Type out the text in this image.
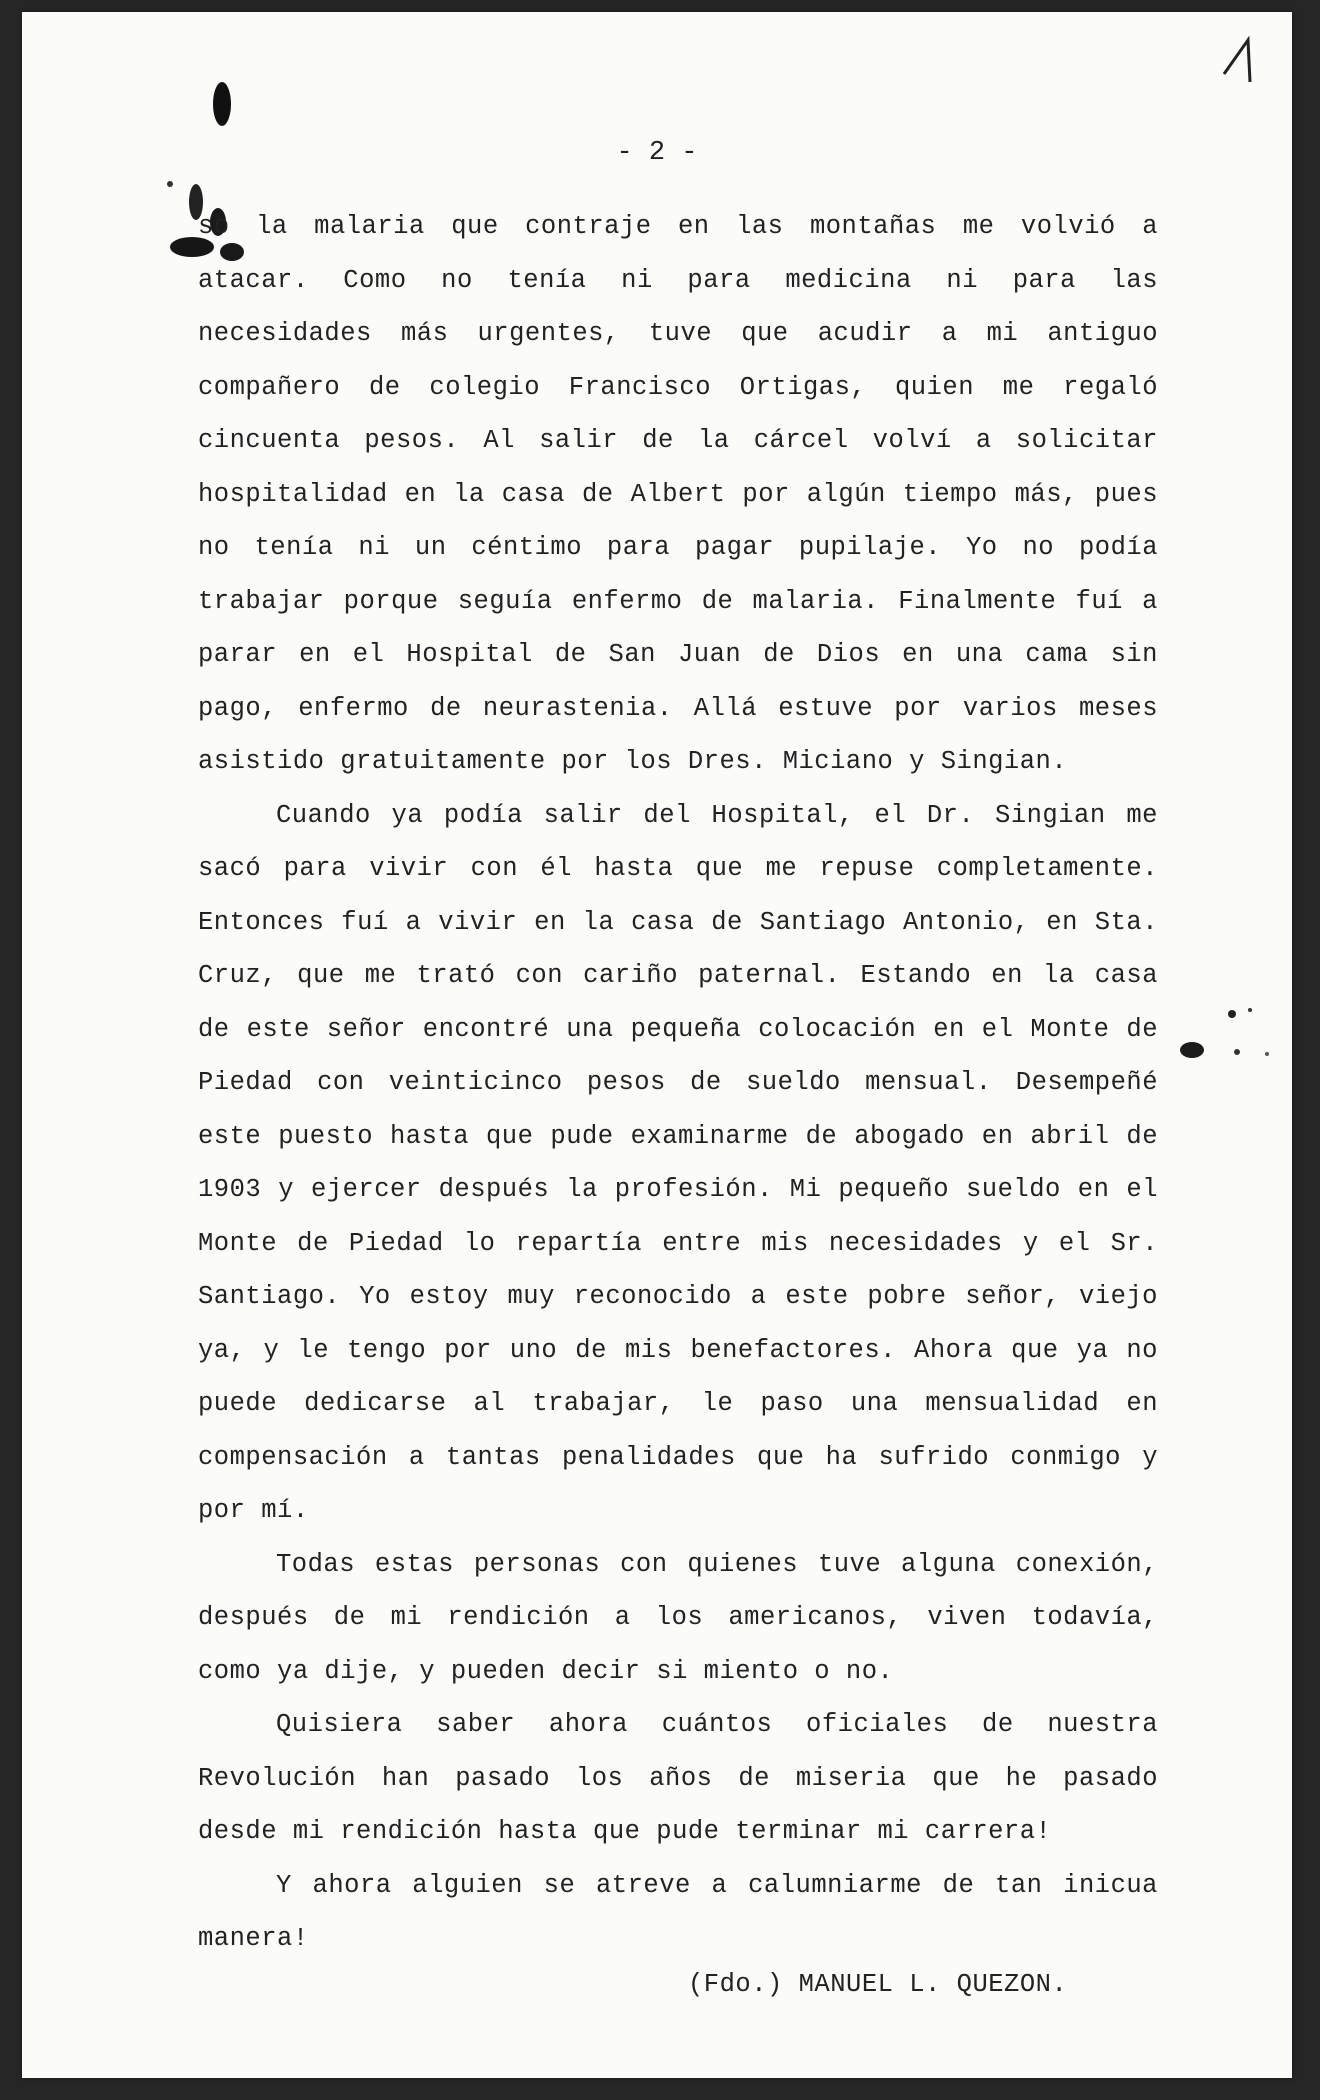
- 2 -

so la malaria que contraje en las montañas me volvió a atacar. Como no tenía ni para medicina ni para las necesidades más urgentes, tuve que acudir a mi antiguo compañero de colegio Francisco Ortigas, quien me regaló cincuenta pesos. Al salir de la cárcel volví a solicitar hospitalidad en la casa de Albert por algún tiempo más, pues no tenía ni un céntimo para pagar pupilaje. Yo no podía trabajar porque seguía enfermo de malaria. Finalmente fuí a parar en el Hospital de San Juan de Dios en una cama sin pago, enfermo de neurastenia. Allá estuve por varios meses asistido gratuitamente por los Dres. Miciano y Singian.

Cuando ya podía salir del Hospital, el Dr. Singian me sacó para vivir con él hasta que me repuse completamente. Entonces fuí a vivir en la casa de Santiago Antonio, en Sta. Cruz, que me trató con cariño paternal. Estando en la casa de este señor encontré una pequeña colocación en el Monte de Piedad con veinticinco pesos de sueldo mensual. Desempeñé este puesto hasta que pude examinarme de abogado en abril de 1903 y ejercer después la profesión. Mi pequeño sueldo en el Monte de Piedad lo repartía entre mis necesidades y el Sr. Santiago. Yo estoy muy reconocido a este pobre señor, viejo ya, y le tengo por uno de mis benefactores. Ahora que ya no puede dedicarse al trabajar, le paso una mensualidad en compensación a tantas penalidades que ha sufrido conmigo y por mí.

Todas estas personas con quienes tuve alguna conexión, después de mi rendición a los americanos, viven todavía, como ya dije, y pueden decir si miento o no.

Quisiera saber ahora cuántos oficiales de nuestra Revolución han pasado los años de miseria que he pasado desde mi rendición hasta que pude terminar mi carrera!

Y ahora alguien se atreve a calumniarme de tan inicua manera!

(Fdo.) MANUEL L. QUEZON.
